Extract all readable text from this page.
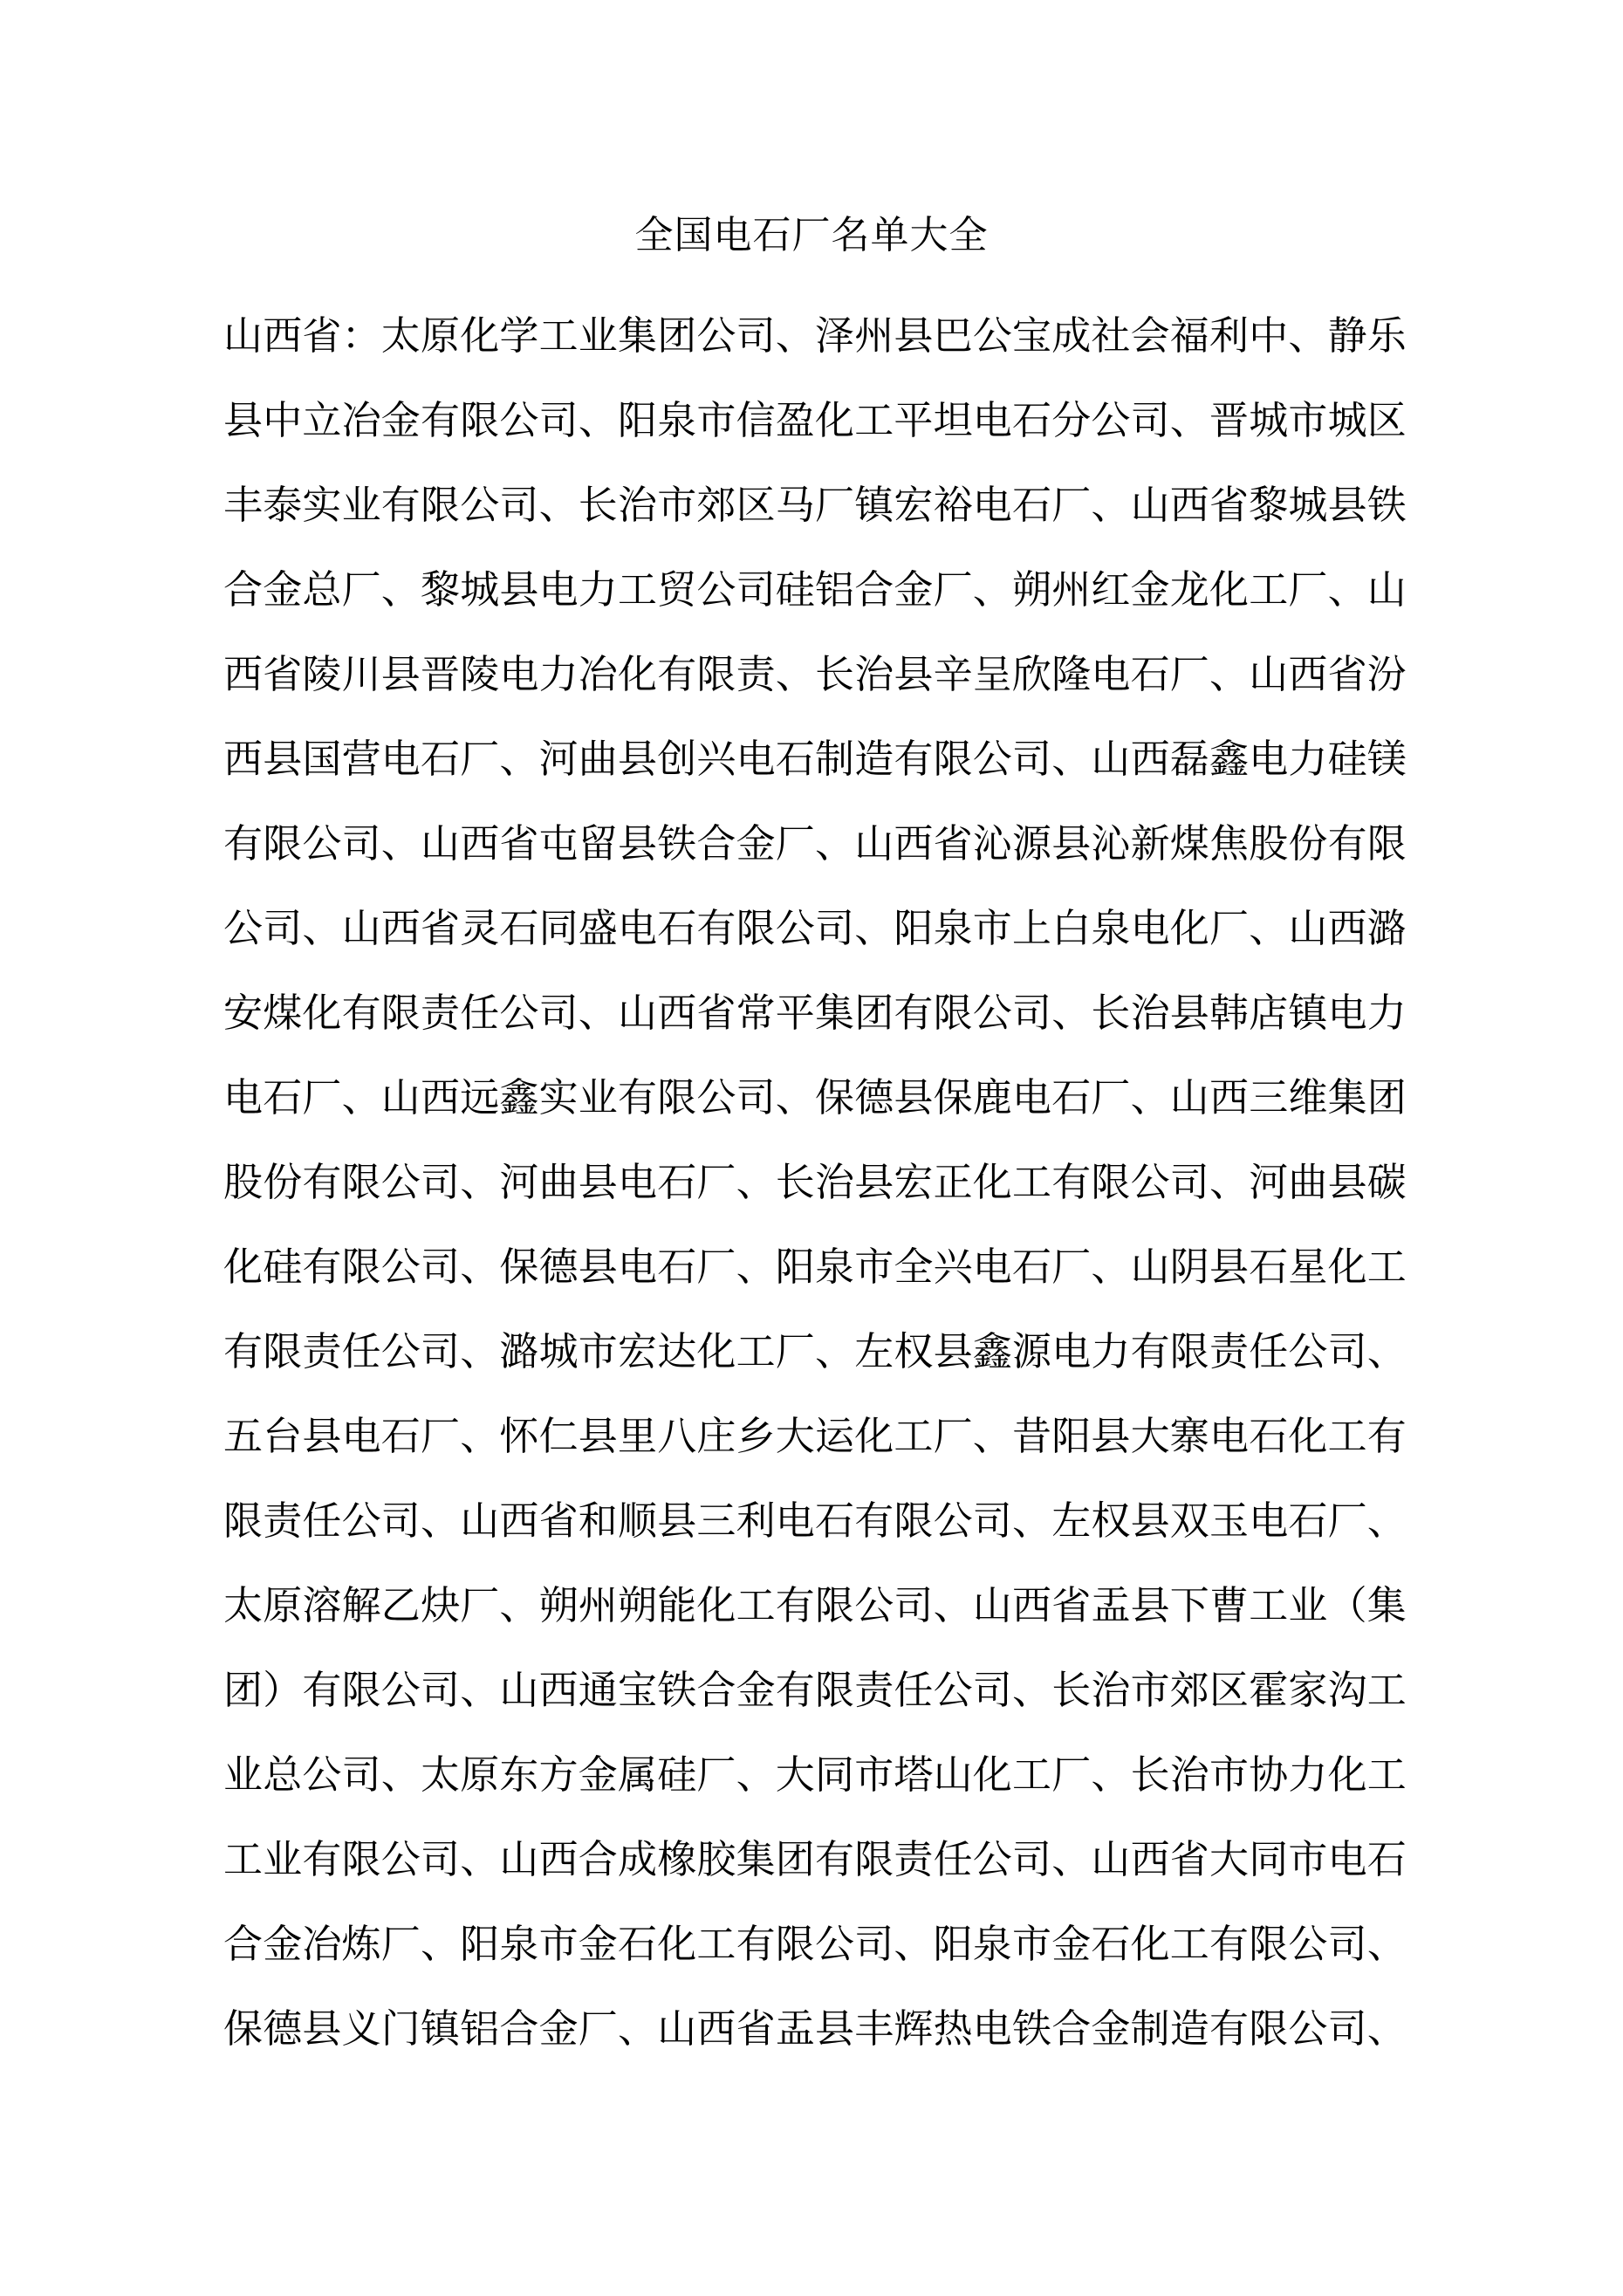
全国电石厂名单大全
山西省：太原化学工业集团公司、泽州县巴公宝成社会福利中、静乐
县中立冶金有限公司、阳泉市信盈化工平坦电石分公司、晋城市城区
丰泰实业有限公司、长治市郊区马厂镇宏裕电石厂、山西省黎城县铁
合金总厂、黎城县电力工贸公司硅铝合金厂、朔州红金龙化工厂、山
西省陵川县晋陵电力冶化有限责、长治县辛呈欣隆电石厂、山西省汾
西县国营电石厂、河曲县创兴电石制造有限公司、山西磊鑫电力硅镁
有限公司、山西省屯留县铁合金厂、山西省沁源县沁新煤焦股份有限
公司、山西省灵石同盛电石有限公司、阳泉市上白泉电化厂、山西潞
安煤化有限责任公司、山西省常平集团有限公司、长治县韩店镇电力
电石厂、山西远鑫实业有限公司、保德县保鹿电石厂、山西三维集团
股份有限公司、河曲县电石厂、长治县宏正化工有限公司、河曲县碳
化硅有限公司、保德县电石厂、阳泉市全兴电石厂、山阴县石星化工
有限责任公司、潞城市宏达化工厂、左权县鑫源电力有限责任公司、
五台县电石厂、怀仁县里八庄乡大运化工厂、昔阳县大寨电石化工有
限责任公司、山西省和顺县三利电石有限公司、左权县双玉电石厂、
太原溶解乙炔厂、朔州朔能化工有限公司、山西省盂县下曹工业（集
团）有限公司、山西通宝铁合金有限责任公司、长治市郊区霍家沟工
业总公司、太原东方金属硅厂、大同市塔山化工厂、长治市协力化工
工业有限公司、山西合成橡胶集团有限责任公司、山西省大同市电石
合金冶炼厂、阳泉市金石化工有限公司、阳泉市金石化工有限公司、
保德县义门镇铝合金厂、山西省盂县丰辉热电铁合金制造有限公司、
